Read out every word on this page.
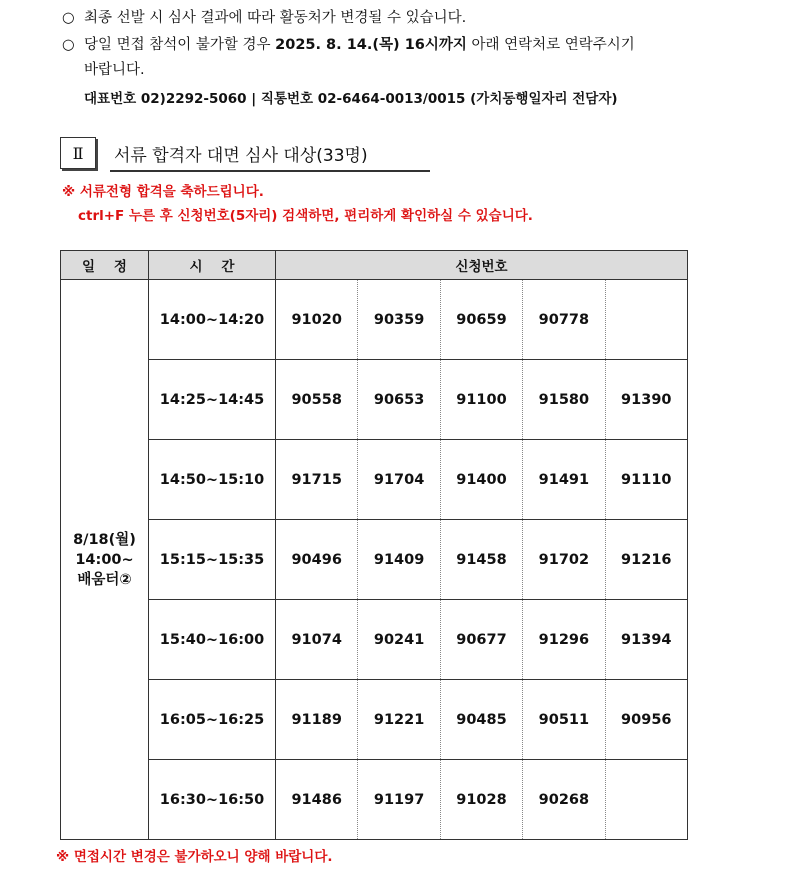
○ 최종 선발 시 심사 결과에 따라 활동처가 변경될 수 있습니다.
○ 당일 면접 참석이 불가할 경우 2025. 8. 14.(목) 16시까지 아래 연락처로 연락주시기
바랍니다.
대표번호 02)2292-5060 | 직통번호 02-6464-0013/0015 (가치동행일자리 전담자)
Ⅱ	서류 합격자 대면 심사 대상(33명)
※ 서류전형 합격을 축하드립니다.
ctrl+F 누른 후 신청번호(5자리) 검색하면, 편리하게 확인하실 수 있습니다.
일    정	시    간	신청번호				

8/18(월)
14:00~
배움터②	14:00~14:20	91020	90359	90659	90778	
	14:25~14:45	90558	90653	91100	91580	91390
	14:50~15:10	91715	91704	91400	91491	91110
	15:15~15:35	90496	91409	91458	91702	91216
	15:40~16:00	91074	90241	90677	91296	91394
	16:05~16:25	91189	91221	90485	90511	90956
	16:30~16:50	91486	91197	91028	90268	
※ 면접시간 변경은 불가하오니 양해 바랍니다.
